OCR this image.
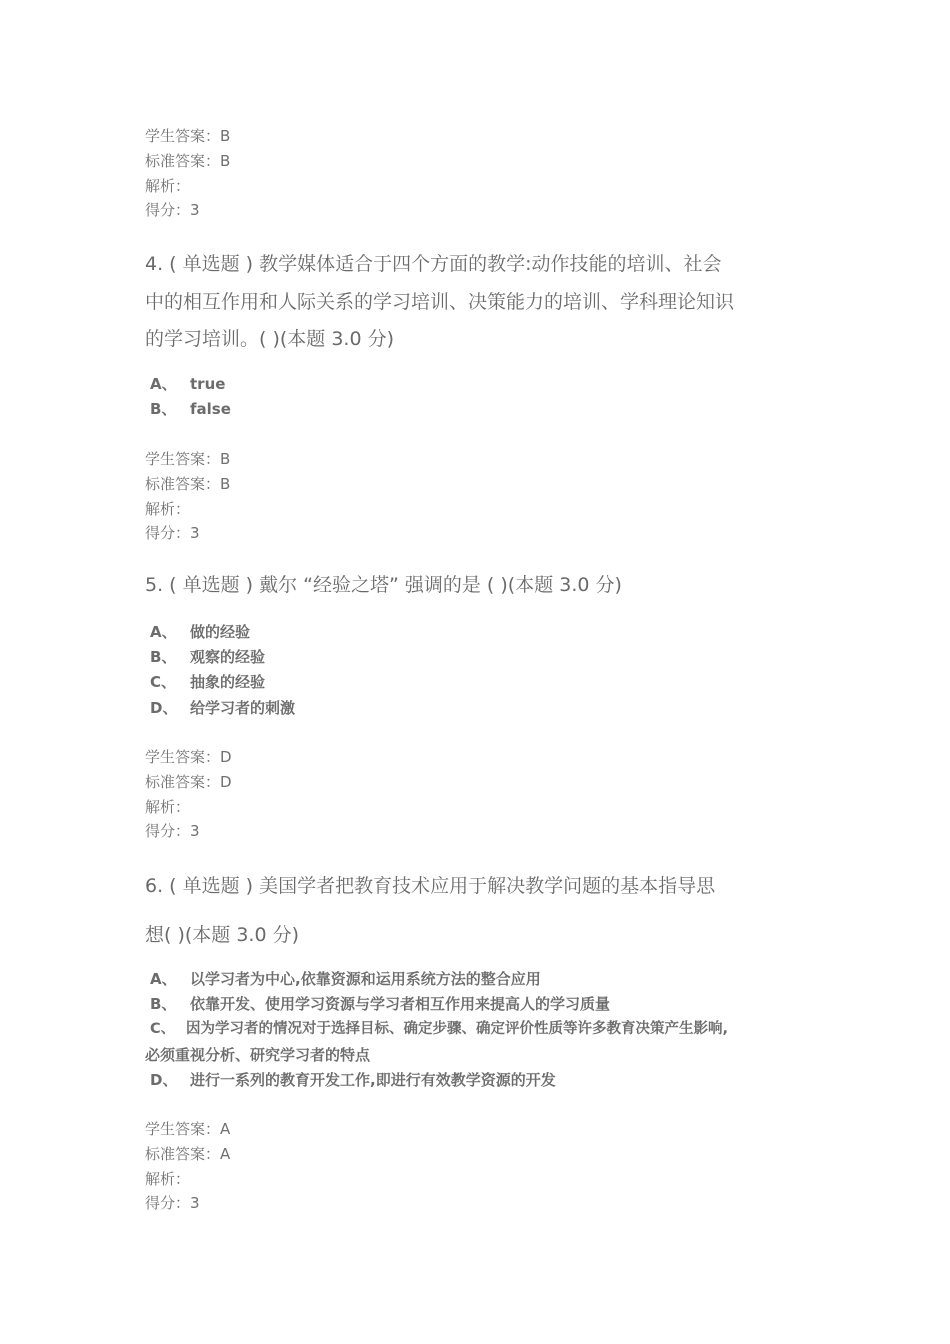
学生答案：B
标准答案：B
解析：
得分：3
4. ( 单选题 ) 教学媒体适合于四个方面的教学:动作技能的培训、社会
中的相互作用和人际关系的学习培训、决策能力的培训、学科理论知识
的学习培训。( )(本题 3.0 分)
A、 true
B、 false
学生答案：B
标准答案：B
解析：
得分：3
5. ( 单选题 ) 戴尔 “经验之塔” 强调的是 ( )(本题 3.0 分)
A、 做的经验
B、 观察的经验
C、 抽象的经验
D、 给学习者的刺激
学生答案：D
标准答案：D
解析：
得分：3
6. ( 单选题 ) 美国学者把教育技术应用于解决教学问题的基本指导思
想( )(本题 3.0 分)
A、 以学习者为中心,依靠资源和运用系统方法的整合应用
B、 依靠开发、使用学习资源与学习者相互作用来提高人的学习质量
C、 因为学习者的情况对于选择目标、确定步骤、确定评价性质等许多教育决策产生影响,
必须重视分析、研究学习者的特点
D、 进行一系列的教育开发工作,即进行有效教学资源的开发
学生答案：A
标准答案：A
解析：
得分：3
